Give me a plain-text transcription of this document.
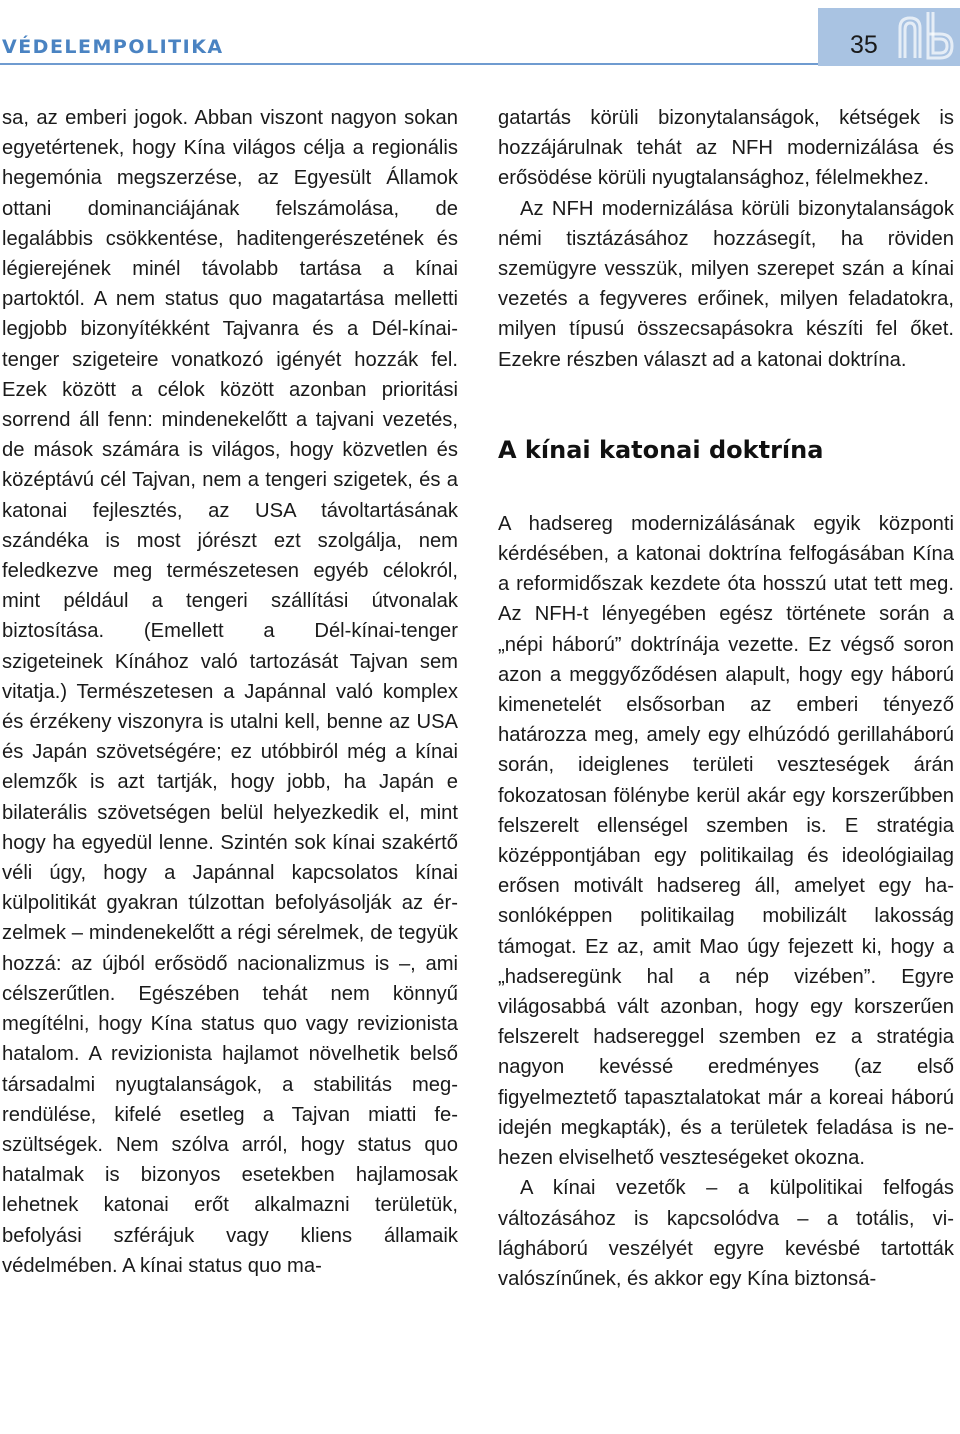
VÉDELEMPOLITIKA	35

sa, az emberi jogok. Abban viszont nagyon sokan egyetértenek, hogy Kína világos célja a regionális hegemónia megszerzése, az Egyesült Államok ottani dominanciájának felszámolása, de legalábbis csökkentése, haditengerészetének és légierejének minél távolabb tartása a kínai partoktól. A nem status quo magatartása melletti legjobb bizonyítékként Tajvanra és a Dél-kínai-tenger szigeteire vonatkozó igényét hozzák fel. Ezek között a célok között azonban prioritási sorrend áll fenn: mindenekelőtt a tajvani vezetés, de mások számára is világos, hogy közvetlen és középtávú cél Tajvan, nem a tengeri szigetek, és a katonai fejlesztés, az USA távoltartásának szándéka is most jórészt ezt szolgálja, nem feledkezve meg természetesen egyéb célokról, mint például a tengeri szállítási útvonalak biztosítása. (Emellett a Dél-kínai-tenger szigeteinek Kínához való tartozását Tajvan sem vitatja.) Természetesen a Japánnal való komplex és érzékeny viszonyra is utalni kell, benne az USA és Japán szövetségére; ez utóbbiról még a kínai elemzők is azt tartják, hogy jobb, ha Japán e bilaterális szövetségen belül helyezkedik el, mint hogy ha egyedül lenne. Szintén sok kínai szakértő véli úgy, hogy a Japánnal kapcsolatos kínai külpolitikát gyakran túlzottan befolyásolják az érzelmek – mindenekelőtt a régi sérelmek, de tegyük hozzá: az újból erősödő nacionalizmus is –, ami célszerűtlen. Egészében tehát nem könnyű megítélni, hogy Kína status quo vagy revizionista hatalom. A revizionista hajlamot növelhetik belső társadalmi nyugtalanságok, a stabilitás megrendülése, kifelé esetleg a Tajvan miatti feszültségek. Nem szólva arról, hogy status quo hatalmak is bizonyos esetekben hajlamosak lehetnek katonai erőt alkalmazni területük, befolyási szférájuk vagy kliens államaik védelmében. A kínai status quo ma-

gatartás körüli bizonytalanságok, kétségek is hozzájárulnak tehát az NFH modernizálása és erősödése körüli nyugtalansághoz, félelmekhez.

Az NFH modernizálása körüli bizonytalanságok némi tisztázásához hozzásegít, ha röviden szemügyre vesszük, milyen szerepet szán a kínai vezetés a fegyveres erőinek, milyen feladatokra, milyen típusú összecsapásokra készíti fel őket. Ezekre részben választ ad a katonai doktrína.

A kínai katonai doktrína

A hadsereg modernizálásának egyik központi kérdésében, a katonai doktrína felfogásában Kína a reformidőszak kezdete óta hosszú utat tett meg. Az NFH-t lényegében egész története során a „népi háború” doktrínája vezette. Ez végső soron azon a meggyőződésen alapult, hogy egy háború kimenetelét elsősorban az emberi tényező határozza meg, amely egy elhúzódó gerillaháború során, ideiglenes területi veszteségek árán fokozatosan fölénybe kerül akár egy korszerűbben felszerelt ellenségel szemben is. E stratégia középpontjában egy politikailag és ideológiailag erősen motivált hadsereg áll, amelyet egy hasonlóképpen politikailag mobilizált lakosság támogat. Ez az, amit Mao úgy fejezett ki, hogy a „hadseregünk hal a nép vizében”. Egyre világosabbá vált azonban, hogy egy korszerűen felszerelt hadsereggel szemben ez a stratégia nagyon kevéssé eredményes (az első figyelmeztető tapasztalatokat már a koreai háború idején megkapták), és a területek feladása is nehezen elviselhető veszteségeket okozna.

A kínai vezetők – a külpolitikai felfogás változásához is kapcsolódva – a totális, világháború veszélyét egyre kevésbé tartották valószínűnek, és akkor egy Kína biztonsá-
